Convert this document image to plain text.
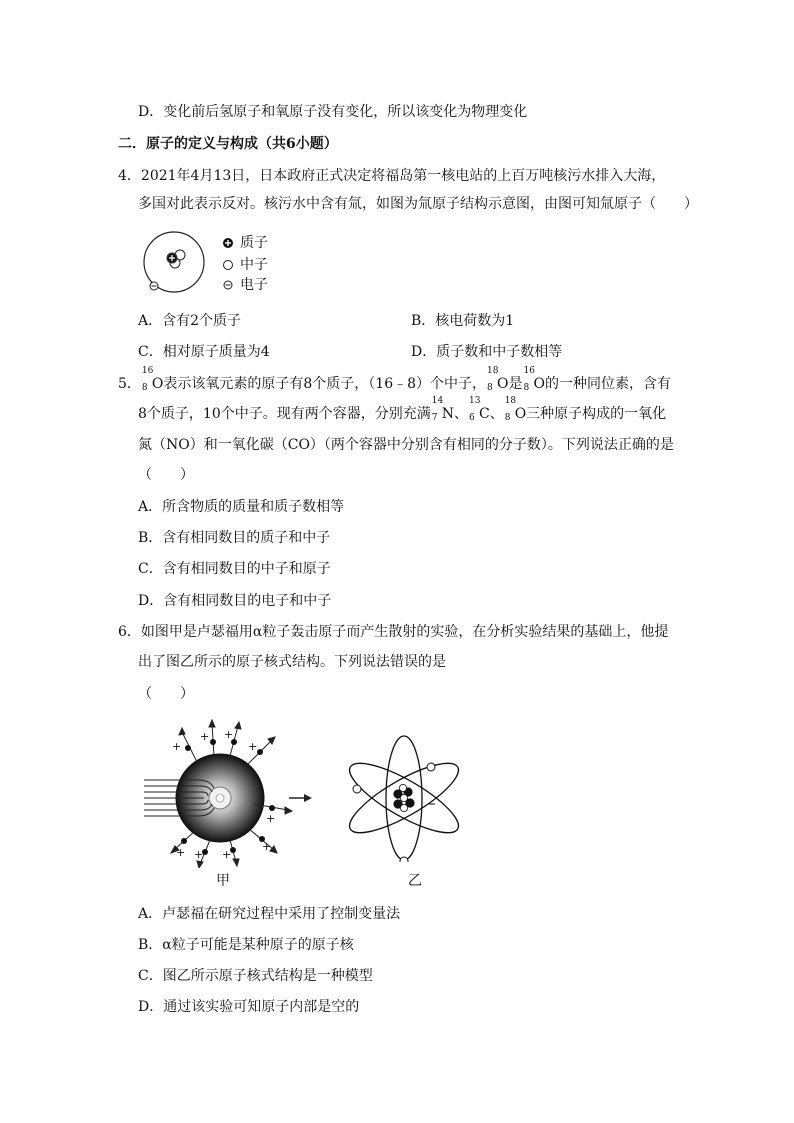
D．变化前后氢原子和氧原子没有变化，所以该变化为物理变化
二．原子的定义与构成（共6小题）
4．2021年4月13日，日本政府正式决定将福岛第一核电站的上百万吨核污水排入大海，
多国对此表示反对。核污水中含有氚，如图为氚原子结构示意图，由图可知氚原子（　　）
质子
中子
电子
A．含有2个质子	B．核电荷数为1
C．相对原子质量为4	D．质子数和中子数相等
5．
16
8 O表示该氧元素的原子有8个质子，（16﹣8）个中子，
18
8 O是
16
8 O的一种同位素，含有
8个质子，10个中子。现有两个容器，分别充满
14
7 N、
13
6 C、
18
8 O三种原子构成的一氧化
氮（NO）和一氧化碳（CO）（两个容器中分别含有相同的分子数）。下列说法正确的是
（　　）
A．所含物质的质量和质子数相等
B．含有相同数目的质子和中子
C．含有相同数目的中子和原子
D．含有相同数目的电子和中子
6．如图甲是卢瑟福用α粒子轰击原子而产生散射的实验，在分析实验结果的基础上，他提
出了图乙所示的原子核式结构。下列说法错误的是
（　　）
+
+ +
+
+
+
+
+
+
甲	乙
A．卢瑟福在研究过程中采用了控制变量法
B．α粒子可能是某种原子的原子核
C．图乙所示原子核式结构是一种模型
D．通过该实验可知原子内部是空的
